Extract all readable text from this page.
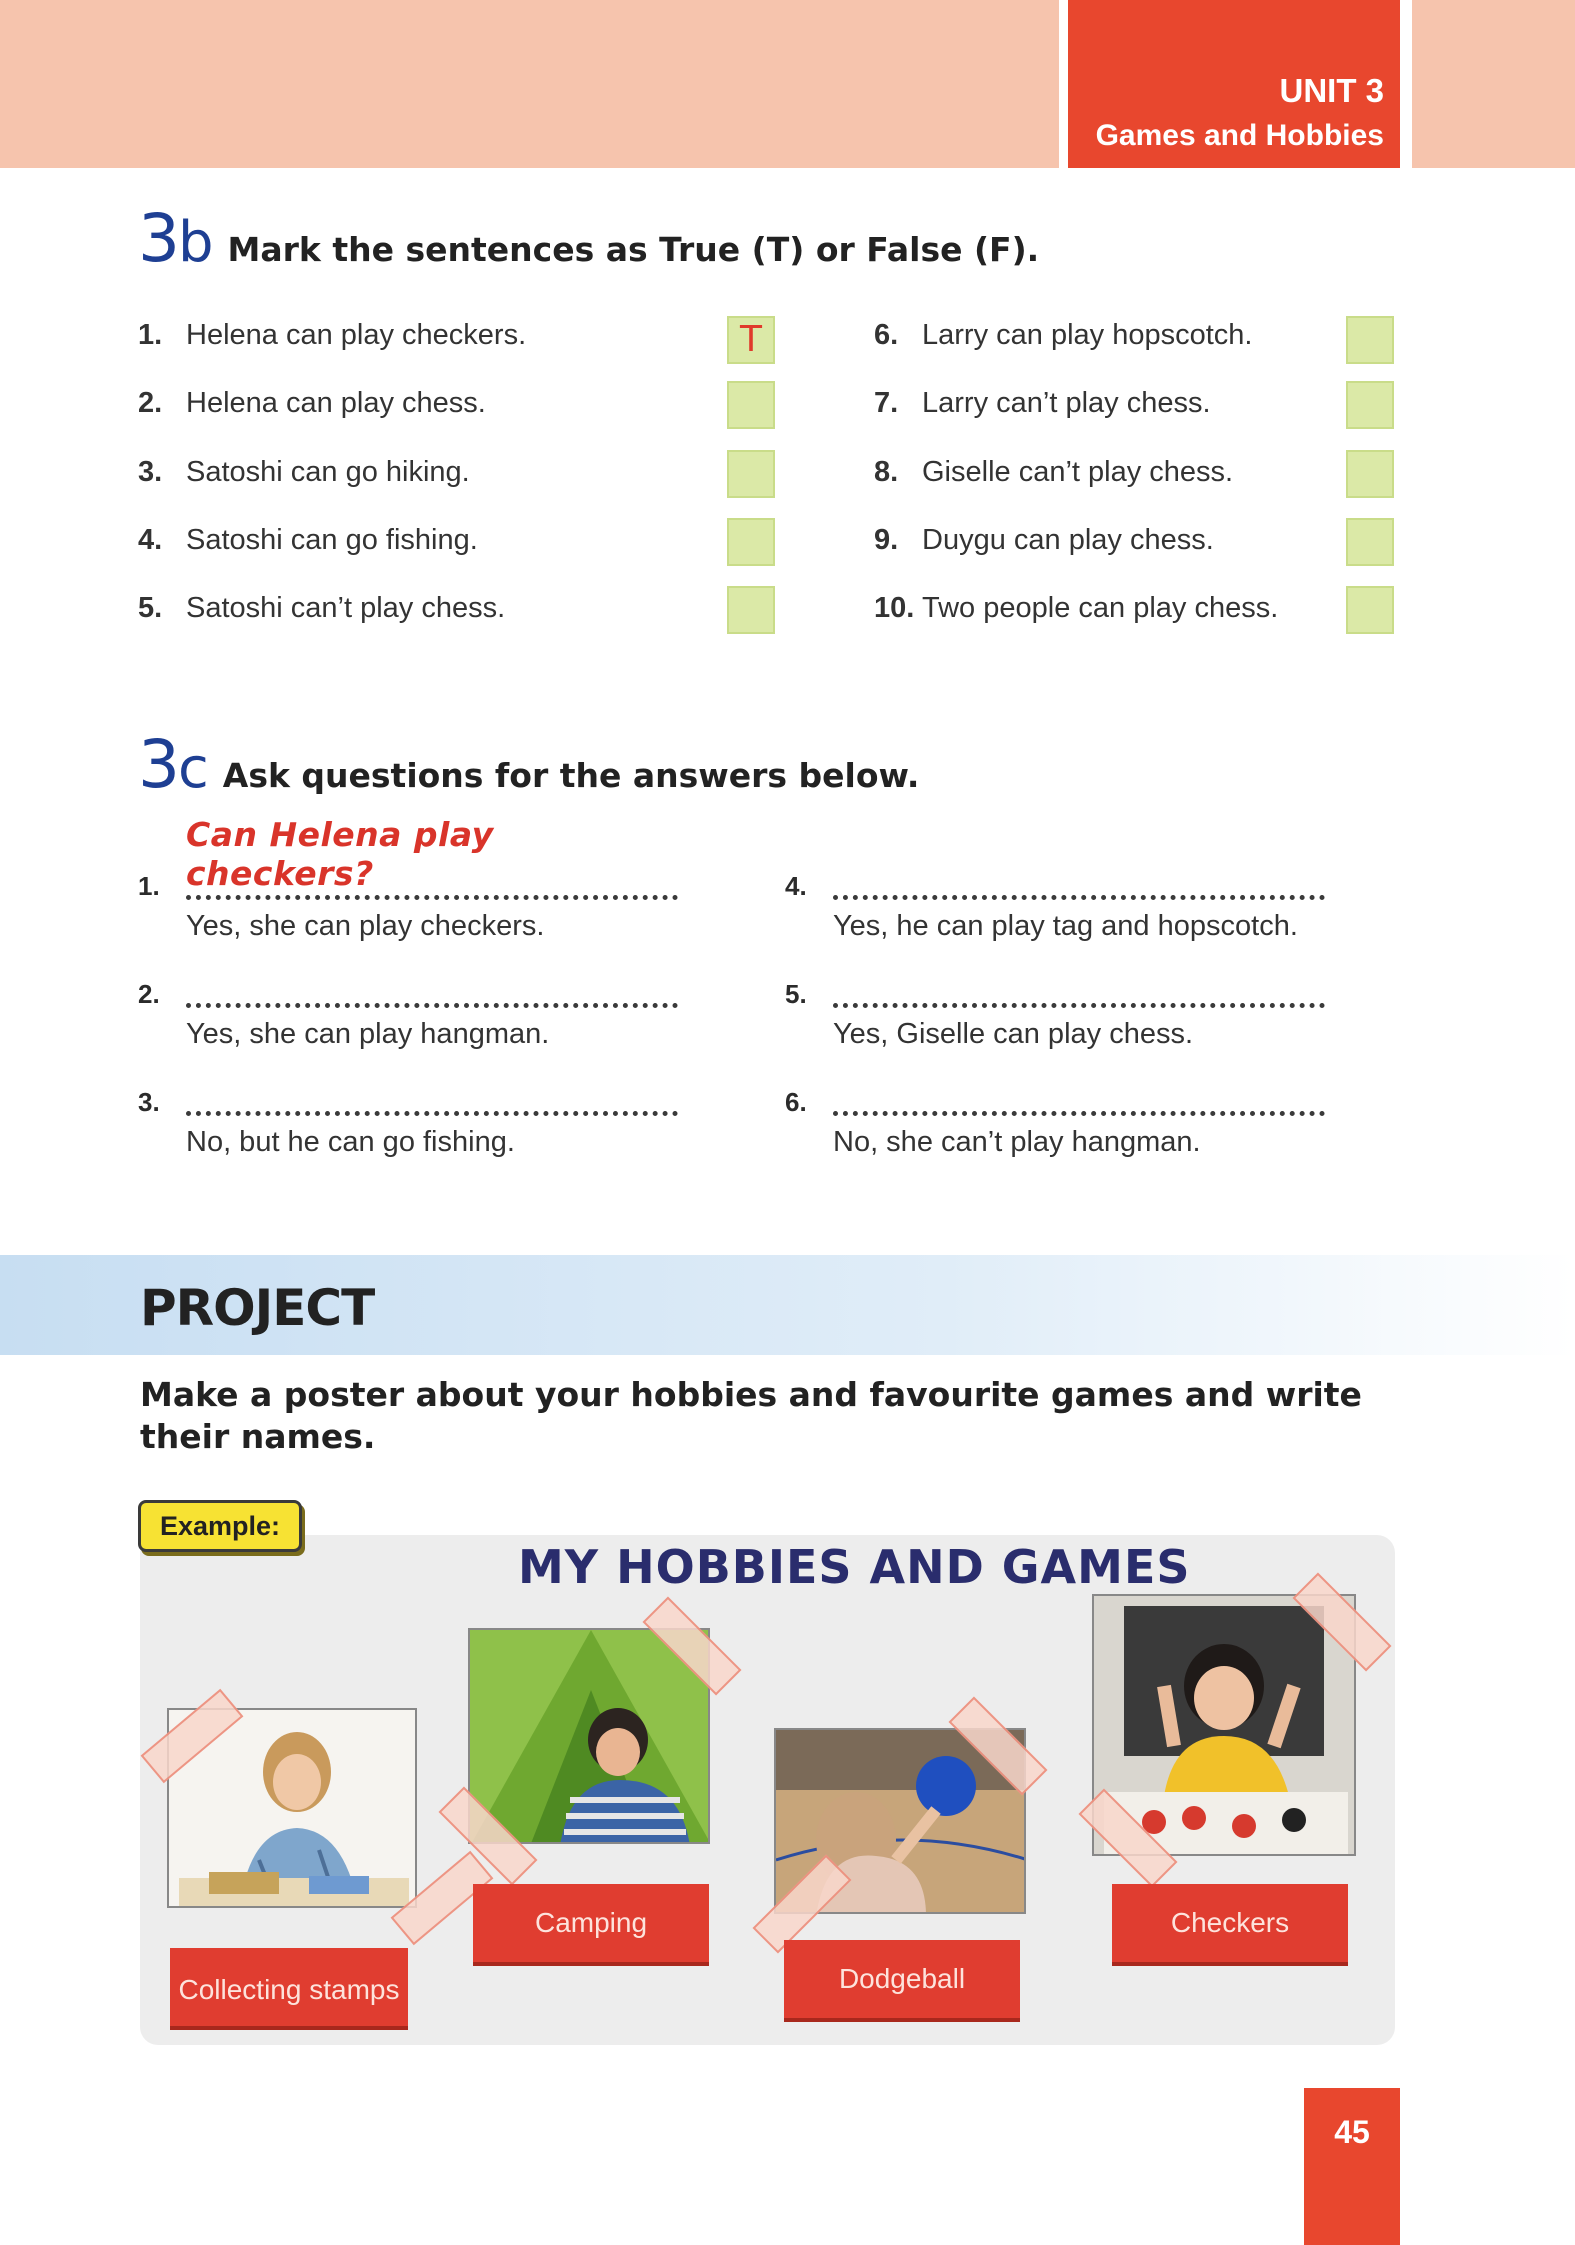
UNIT 3
Games and Hobbies
3 b Mark the sentences as True (T) or False (F).
1. Helena can play checkers.
2. Helena can play chess.
3. Satoshi can go hiking.
4. Satoshi can go fishing.
5. Satoshi can’t play chess.
T	6. Larry can play hopscotch.
7. Larry can’t play chess.
8. Giselle can’t play chess.
9. Duygu can play chess.
10. Two people can play chess.
3 c Ask questions for the answers below.
1.
Can Helena play checkers?
Yes, she can play checkers.
2.
Yes, she can play hangman.
3.
No, but he can go fishing.
4.
Yes, he can play tag and hopscotch.
5.
Yes, Giselle can play chess.
6.
No, she can’t play hangman.
PROJECT
Make a poster about your hobbies and favourite games and write their names.
Example:
MY HOBBIES AND GAMES
Collecting stamps
Camping
Dodgeball
Checkers
45
